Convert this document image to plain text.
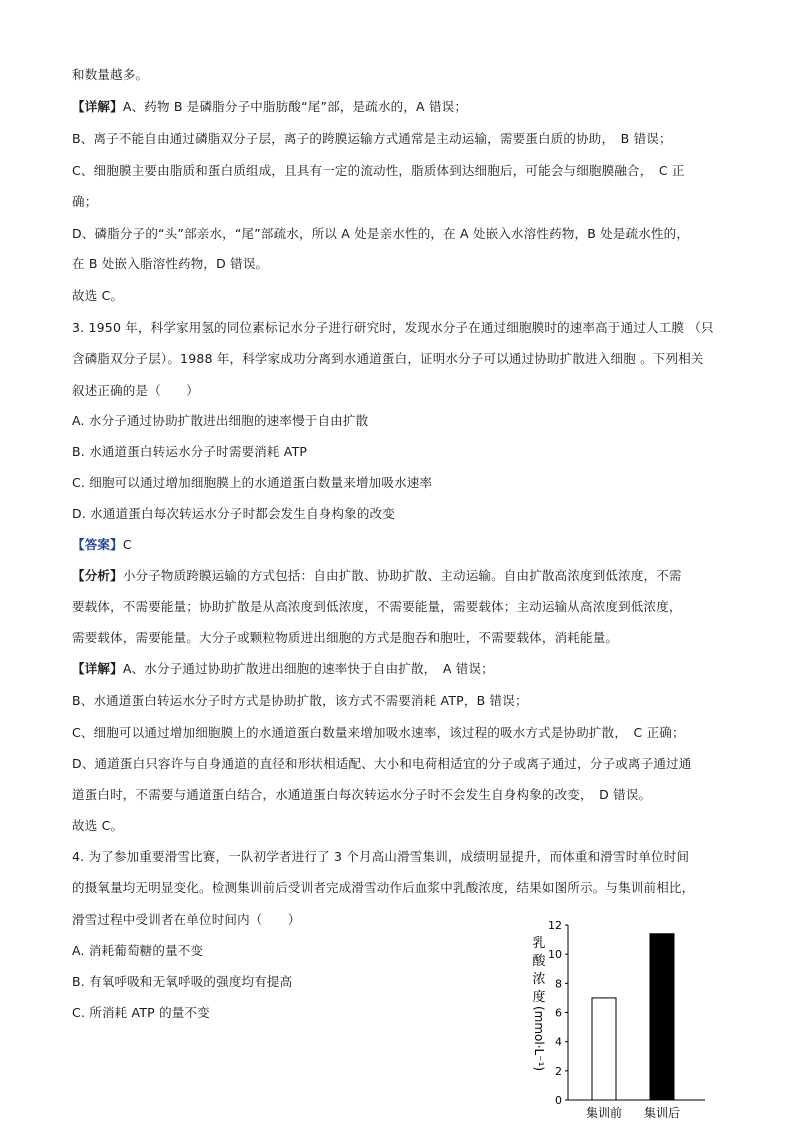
和数量越多。
【详解】A、药物 B 是磷脂分子中脂肪酸“尾”部，是疏水的，A 错误；
B、离子不能自由通过磷脂双分子层，离子的跨膜运输方式通常是主动运输，需要蛋白质的协助，　B 错误；
C、细胞膜主要由脂质和蛋白质组成，且具有一定的流动性，脂质体到达细胞后，可能会与细胞膜融合，　C 正
确；
D、磷脂分子的“头”部亲水，“尾”部疏水，所以 A 处是亲水性的，在 A 处嵌入水溶性药物，B 处是疏水性的，
在 B 处嵌入脂溶性药物，D 错误。
故选 C。
3. 1950 年，科学家用氢的同位素标记水分子进行研究时，发现水分子在通过细胞膜时的速率高于通过人工膜 （只
含磷脂双分子层）。1988 年，科学家成功分离到水通道蛋白，证明水分子可以通过协助扩散进入细胞 。下列相关
叙述正确的是（　　）
A. 水分子通过协助扩散进出细胞的速率慢于自由扩散
B. 水通道蛋白转运水分子时需要消耗 ATP
C. 细胞可以通过增加细胞膜上的水通道蛋白数量来增加吸水速率
D. 水通道蛋白每次转运水分子时都会发生自身构象的改变
【答案】C
【分析】小分子物质跨膜运输的方式包括：自由扩散、协助扩散、主动运输。自由扩散高浓度到低浓度，不需
要载体，不需要能量；协助扩散是从高浓度到低浓度，不需要能量，需要载体；主动运输从高浓度到低浓度，
需要载体，需要能量。大分子或颗粒物质进出细胞的方式是胞吞和胞吐，不需要载体，消耗能量。
【详解】A、水分子通过协助扩散进出细胞的速率快于自由扩散，　A 错误；
B、水通道蛋白转运水分子时方式是协助扩散，该方式不需要消耗 ATP，B 错误；
C、细胞可以通过增加细胞膜上的水通道蛋白数量来增加吸水速率，该过程的吸水方式是协助扩散，　C 正确；
D、通道蛋白只容许与自身通道的直径和形状相适配、大小和电荷相适宜的分子或离子通过，分子或离子通过通
道蛋白时，不需要与通道蛋白结合，水通道蛋白每次转运水分子时不会发生自身构象的改变，　D 错误。
故选 C。
4. 为了参加重要滑雪比赛，一队初学者进行了 3 个月高山滑雪集训，成绩明显提升，而体重和滑雪时单位时间
的摄氧量均无明显变化。检测集训前后受训者完成滑雪动作后血浆中乳酸浓度，结果如图所示。与集训前相比，
滑雪过程中受训者在单位时间内（　　）
A. 消耗葡萄糖的量不变
B. 有氧呼吸和无氧呼吸的强度均有提高
C. 所消耗 ATP 的量不变
乳
酸
浓
度
(mmol·L⁻¹)
0
2
4
6
8
10
12
集训前 集训后
